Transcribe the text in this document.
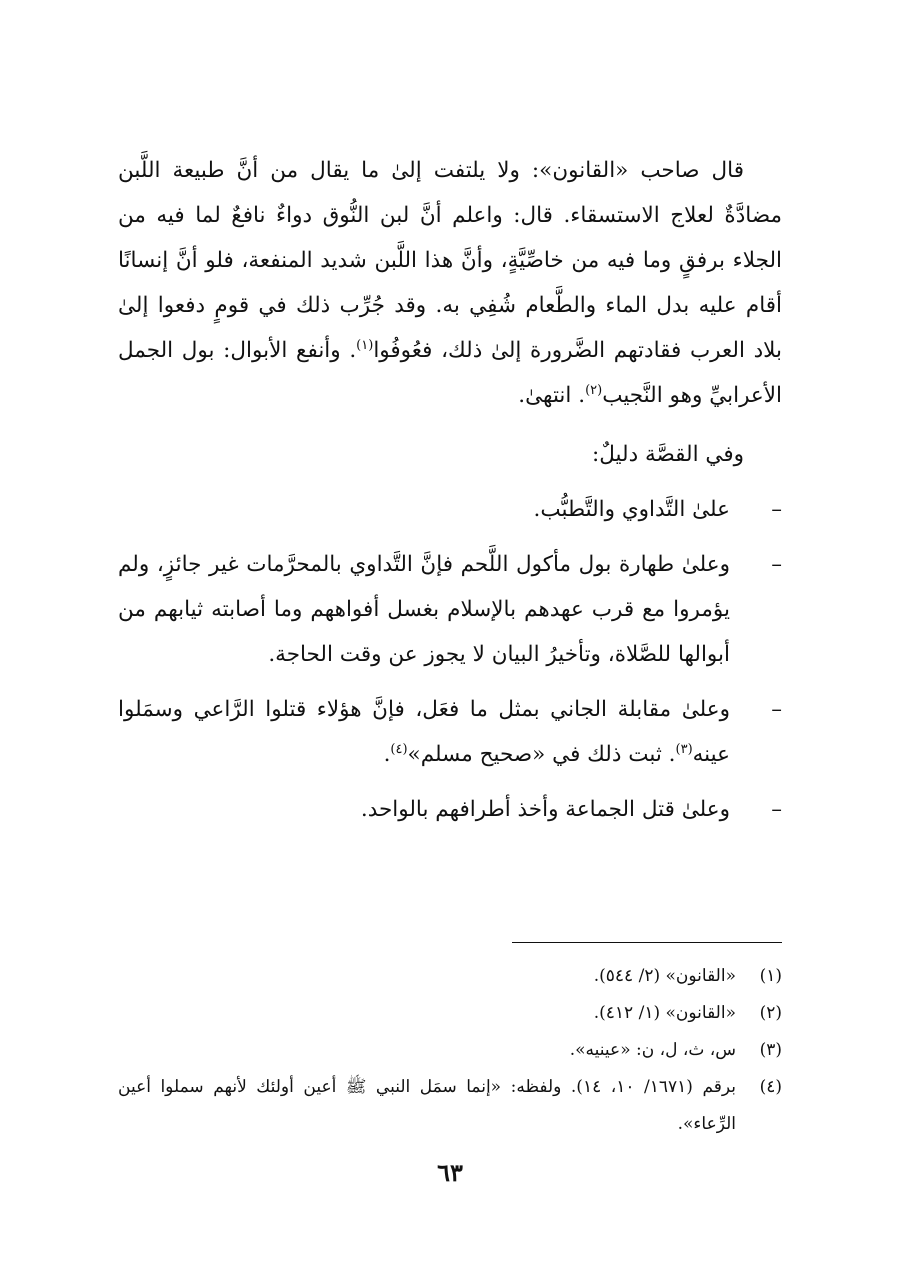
قال صاحب «القانون»: ولا يلتفت إلىٰ ما يقال من أنَّ طبيعة اللَّبن مضادَّةٌ لعلاج الاستسقاء. قال: واعلم أنَّ لبن النُّوق دواءٌ نافعٌ لما فيه من الجلاء برفقٍ وما فيه من خاصِّيَّةٍ، وأنَّ هذا اللَّبن شديد المنفعة، فلو أنَّ إنسانًا أقام عليه بدل الماء والطَّعام شُفِي به. وقد جُرِّب ذلك في قومٍ دفعوا إلىٰ بلاد العرب فقادتهم الضَّرورة إلىٰ ذلك، فعُوفُوا$^{(١)}$. وأنفع الأبوال: بول الجمل الأعرابيِّ وهو النَّجيب$^{(٢)}$. انتهىٰ.

وفي القصَّة دليلٌ:

–
علىٰ التَّداوي والتَّطبُّب.
–
وعلىٰ طهارة بول مأكول اللَّحم فإنَّ التَّداوي بالمحرَّمات غير جائزٍ، ولم يؤمروا مع قرب عهدهم بالإسلام بغسل أفواههم وما أصابته ثيابهم من أبوالها للصَّلاة، وتأخيرُ البيان لا يجوز عن وقت الحاجة.
–
وعلىٰ مقابلة الجاني بمثل ما فعَل، فإنَّ هؤلاء قتلوا الرَّاعي وسمَلوا عينه$^{(٣)}$. ثبت ذلك في «صحيح مسلم»$^{(٤)}$.
–
وعلىٰ قتل الجماعة وأخذ أطرافهم بالواحد.

(١)
«القانون» (٢/ ٥٤٤).

(٢)
«القانون» (١/ ٤١٢).

(٣)
س، ث، ل، ن: «عينيه».

(٤)
برقم (١٦٧١/ ١٠، ١٤). ولفظه: «إنما سمَل النبي ﷺ أعين أولئك لأنهم سملوا أعين الرِّعاء».

٦٣
